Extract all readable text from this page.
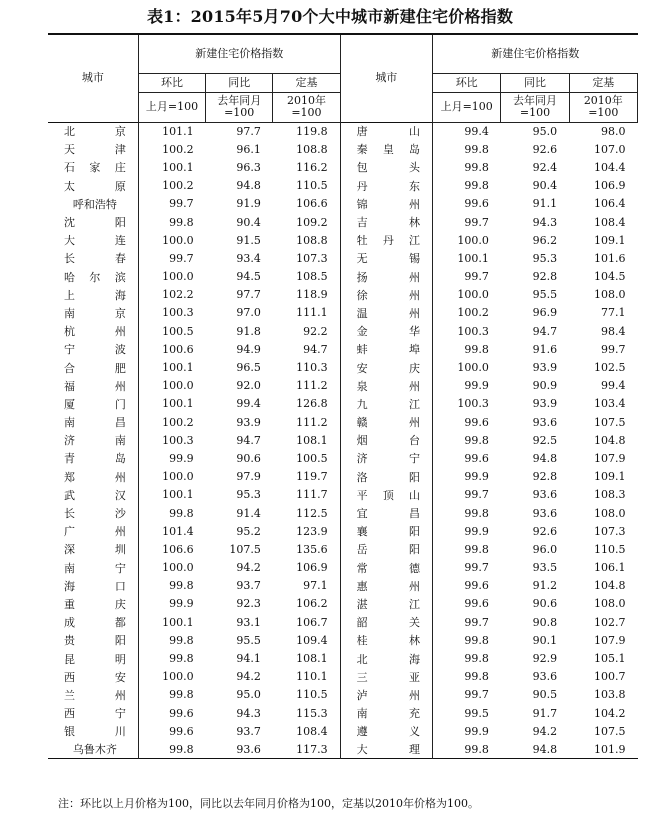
表1：2015年5月70个大中城市新建住宅价格指数
城市	新建住宅价格指数			城市	新建住宅价格指数		
	环比	同比	定基		环比	同比	定基
	上月=100	去年同月=100	2010年=100		上月=100	去年同月=100	2010年=100

北京	101.1	97.7	119.8	唐山	99.4	95.0	98.0
天津	100.2	96.1	108.8	秦皇岛	99.8	92.6	107.0
石家庄	100.1	96.3	116.2	包头	99.8	92.4	104.4
太原	100.2	94.8	110.5	丹东	99.8	90.4	106.9
呼和浩特	99.7	91.9	106.6	锦州	99.6	91.1	106.4
沈阳	99.8	90.4	109.2	吉林	99.7	94.3	108.4
大连	100.0	91.5	108.8	牡丹江	100.0	96.2	109.1
长春	99.7	93.4	107.3	无锡	100.1	95.3	101.6
哈尔滨	100.0	94.5	108.5	扬州	99.7	92.8	104.5
上海	102.2	97.7	118.9	徐州	100.0	95.5	108.0
南京	100.3	97.0	111.1	温州	100.2	96.9	77.1
杭州	100.5	91.8	92.2	金华	100.3	94.7	98.4
宁波	100.6	94.9	94.7	蚌埠	99.8	91.6	99.7
合肥	100.1	96.5	110.3	安庆	100.0	93.9	102.5
福州	100.0	92.0	111.2	泉州	99.9	90.9	99.4
厦门	100.1	99.4	126.8	九江	100.3	93.9	103.4
南昌	100.2	93.9	111.2	赣州	99.6	93.6	107.5
济南	100.3	94.7	108.1	烟台	99.8	92.5	104.8
青岛	99.9	90.6	100.5	济宁	99.6	94.8	107.9
郑州	100.0	97.9	119.7	洛阳	99.9	92.8	109.1
武汉	100.1	95.3	111.7	平顶山	99.7	93.6	108.3
长沙	99.8	91.4	112.5	宜昌	99.8	93.6	108.0
广州	101.4	95.2	123.9	襄阳	99.9	92.6	107.3
深圳	106.6	107.5	135.6	岳阳	99.8	96.0	110.5
南宁	100.0	94.2	106.9	常德	99.7	93.5	106.1
海口	99.8	93.7	97.1	惠州	99.6	91.2	104.8
重庆	99.9	92.3	106.2	湛江	99.6	90.6	108.0
成都	100.1	93.1	106.7	韶关	99.7	90.8	102.7
贵阳	99.8	95.5	109.4	桂林	99.8	90.1	107.9
昆明	99.8	94.1	108.1	北海	99.8	92.9	105.1
西安	100.0	94.2	110.1	三亚	99.8	93.6	100.7
兰州	99.8	95.0	110.5	泸州	99.7	90.5	103.8
西宁	99.6	94.3	115.3	南充	99.5	91.7	104.2
银川	99.6	93.7	108.4	遵义	99.9	94.2	107.5
乌鲁木齐	99.8	93.6	117.3	大理	99.8	94.8	101.9
注：环比以上月价格为100，同比以去年同月价格为100，定基以2010年价格为100。
